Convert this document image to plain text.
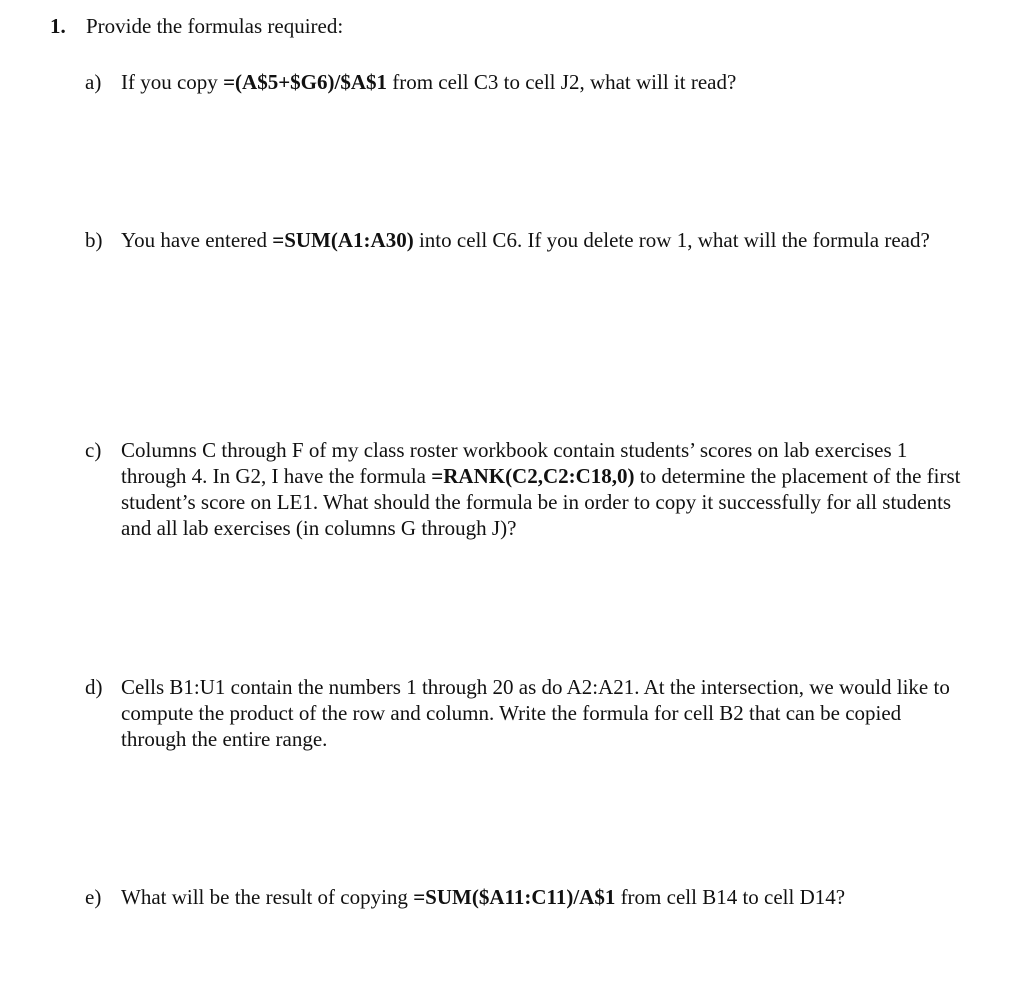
1. Provide the formulas required:
a) If you copy =(A$5+$G6)/$A$1 from cell C3 to cell J2, what will it read?
b) You have entered =SUM(A1:A30) into cell C6. If you delete row 1, what will the formula read?
c) Columns C through F of my class roster workbook contain students’ scores on lab exercises 1 through 4. In G2, I have the formula =RANK(C2,C2:C18,0) to determine the placement of the first student’s score on LE1. What should the formula be in order to copy it successfully for all students and all lab exercises (in columns G through J)?
d) Cells B1:U1 contain the numbers 1 through 20 as do A2:A21. At the intersection, we would like to compute the product of the row and column. Write the formula for cell B2 that can be copied through the entire range.
e) What will be the result of copying =SUM($A11:C11)/A$1 from cell B14 to cell D14?
